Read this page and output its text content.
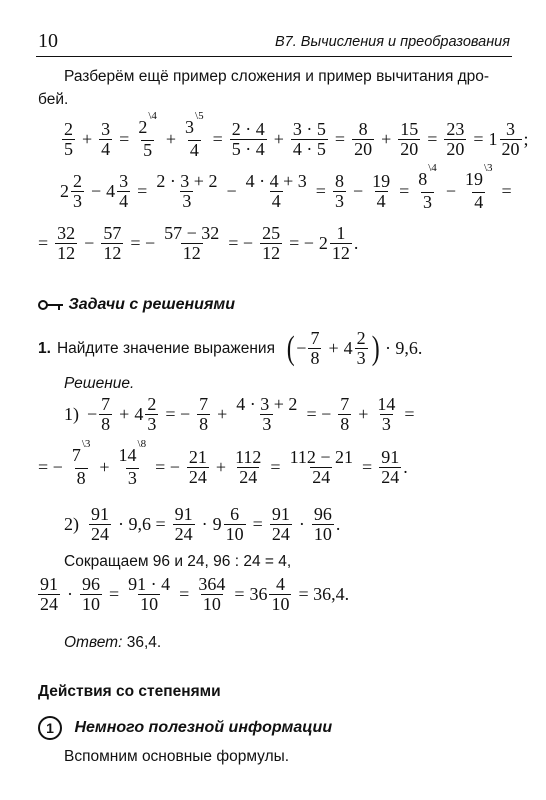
10	В7. Вычисления и преобразования
Разберём ещё пример сложения и пример вычитания дро-
бей.
$\frac{2}{5} + \frac{3}{4} = \frac{2^{\backslash 4}}{5} + \frac{3^{\backslash 5}}{4} = \frac{2 \cdot 4}{5 \cdot 4} + \frac{3 \cdot 5}{4 \cdot 5} = \frac{8}{20} + \frac{15}{20} = \frac{23}{20} = 1 \frac{3}{20}$ ;
$2 \frac{2}{3} - 4 \frac{3}{4} = \frac{2 \cdot 3 + 2}{3} - \frac{4 \cdot 4 + 3}{4} = \frac{8}{3} - \frac{19}{4} = \frac{8^{\backslash 4}}{3} - \frac{19^{\backslash 3}}{4}$ =
= $\frac{32}{12} - \frac{57}{12}$ = − $\frac{57 - 32}{12}$ = − $\frac{25}{12}$ = − $2 \frac{1}{12}$ .
Задачи с решениями
1. Найдите значение выражения ( − $\frac{7}{8} + 4 \frac{2}{3}$ ) · 9,6.
Решение.
$1) - \frac{7}{8} + 4 \frac{2}{3}$ = − $\frac{7}{8} + \frac{4 \cdot 3 + 2}{3}$ = − $\frac{7}{8} + \frac{14}{3}$ =
= − $\frac{7^{\backslash 3}}{8} + \frac{14^{\backslash 8}}{3}$ = − $\frac{21}{24} + \frac{112}{24} = \frac{112 - 21}{24} = \frac{91}{24}$ .
$2) \frac{91}{24} \cdot 9,6 = \frac{91}{24} \cdot 9 \frac{6}{10} = \frac{91}{24} \cdot \frac{96}{10}$ .
Сокращаем 96 и 24, 96 : 24 = 4,
$\frac{91}{24} \cdot \frac{96}{10} = \frac{91 \cdot 4}{10} = \frac{364}{10} = 36 \frac{4}{10} = 36,4$.
Ответ: 36,4.
Действия со степенями
1 Немного полезной информации
Вспомним основные формулы.
